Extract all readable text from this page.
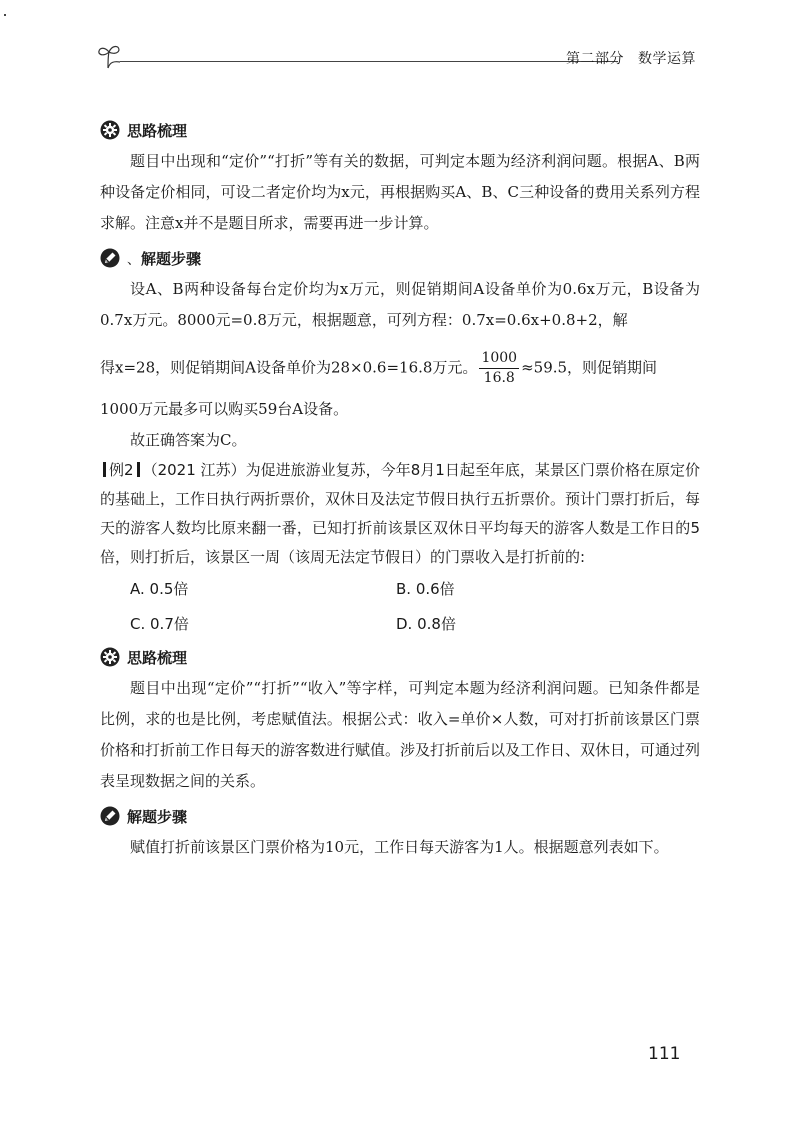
第二部分 数学运算
思路梳理

题目中出现和“定价”“打折”等有关的数据，可判定本题为经济利润问题。根据A、B两种设备定价相同，可设二者定价均为x元，再根据购买A、B、C三种设备的费用关系列方程求解。注意x并不是题目所求，需要再进一步计算。

、 解题步骤

设A、B两种设备每台定价均为x万元，则促销期间A设备单价为0.6x万元，B设备为0.7x万元。8000元=0.8万元，根据题意，可列方程：0.7x=0.6x+0.8+2，解

得x=28，则促销期间A设备单价为28×0.6=16.8万元。 $\frac{1000}{16.8} \approx 59.5$，则促销期间

1000万元最多可以购买59台A设备。

故正确答案为C。

例2 （2021 江苏）为促进旅游业复苏，今年8月1日起至年底，某景区门票价格在原定价的基础上，工作日执行两折票价，双休日及法定节假日执行五折票价。预计门票打折后，每天的游客人数均比原来翻一番，已知打折前该景区双休日平均每天的游客人数是工作日的5倍，则打折后，该景区一周（该周无法定节假日）的门票收入是打折前的:

A. 0.5倍	B. 0.6倍
C. 0.7倍	D. 0.8倍
思路梳理

题目中出现“定价”“打折”“收入”等字样，可判定本题为经济利润问题。已知条件都是比例，求的也是比例，考虑赋值法。根据公式：收入=单价×人数，可对打折前该景区门票价格和打折前工作日每天的游客数进行赋值。涉及打折前后以及工作日、双休日，可通过列表呈现数据之间的关系。

解题步骤

赋值打折前该景区门票价格为10元，工作日每天游客为1人。根据题意列表如下。

111
